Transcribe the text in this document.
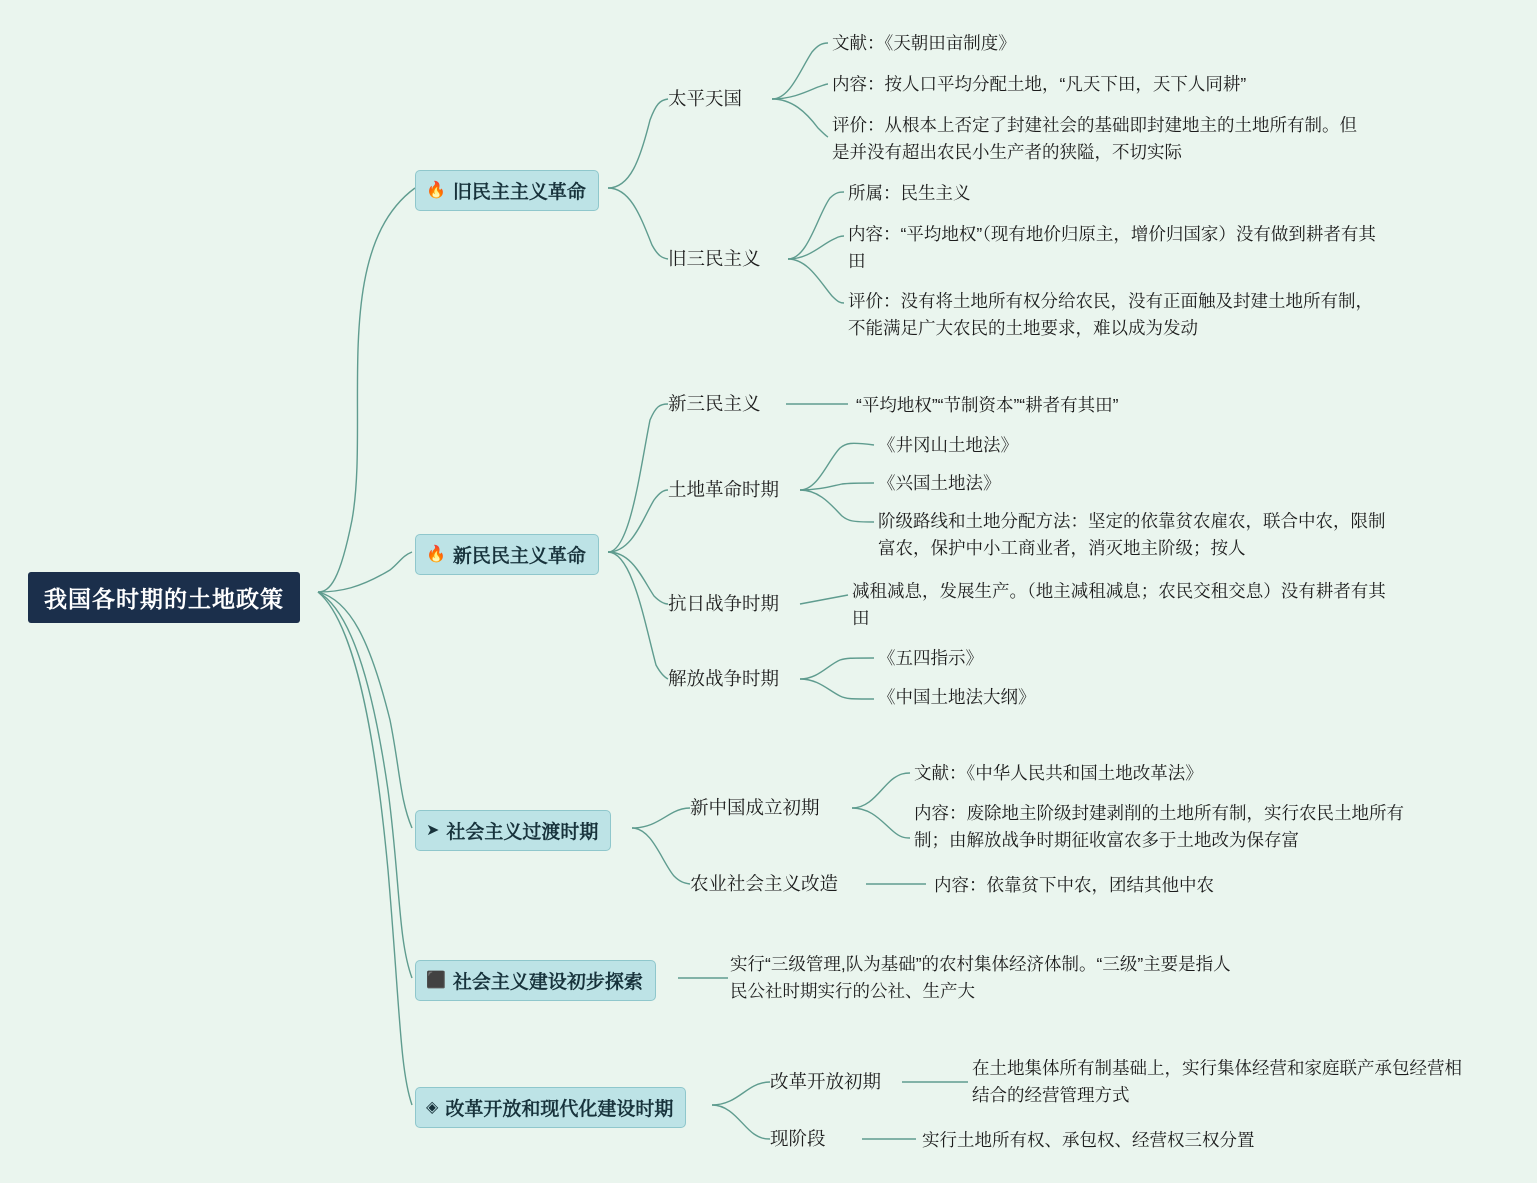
我国各时期的土地政策
🔥 旧民主主义革命
太平天国
文献：《天朝田亩制度》
内容：按人口平均分配土地，“凡天下田，天下人同耕”
评价：从根本上否定了封建社会的基础即封建地主的土地所有制。但是并没有超出农民小生产者的狭隘，不切实际
旧三民主义
所属：民生主义
内容：“平均地权”（现有地价归原主，增价归国家）没有做到耕者有其田
评价：没有将土地所有权分给农民，没有正面触及封建土地所有制，不能满足广大农民的土地要求，难以成为发动
🔥 新民民主义革命
新三民主义	“平均地权”“节制资本”“耕者有其田”
土地革命时期
《井冈山土地法》
《兴国土地法》
阶级路线和土地分配方法：坚定的依靠贫农雇农，联合中农，限制富农，保护中小工商业者，消灭地主阶级；按人
抗日战争时期
减租减息，发展生产。（地主减租减息；农民交租交息）没有耕者有其田
解放战争时期
《五四指示》
《中国土地法大纲》
➤ 社会主义过渡时期
新中国成立初期
文献：《中华人民共和国土地改革法》
内容：废除地主阶级封建剥削的土地所有制，实行农民土地所有制；由解放战争时期征收富农多于土地改为保存富
农业社会主义改造	内容：依靠贫下中农，团结其他中农
⬛ 社会主义建设初步探索
实行“三级管理,队为基础”的农村集体经济体制。“三级”主要是指人民公社时期实行的公社、生产大
◈ 改革开放和现代化建设时期
改革开放初期
在土地集体所有制基础上，实行集体经营和家庭联产承包经营相结合的经营管理方式
现阶段	实行土地所有权、承包权、经营权三权分置
